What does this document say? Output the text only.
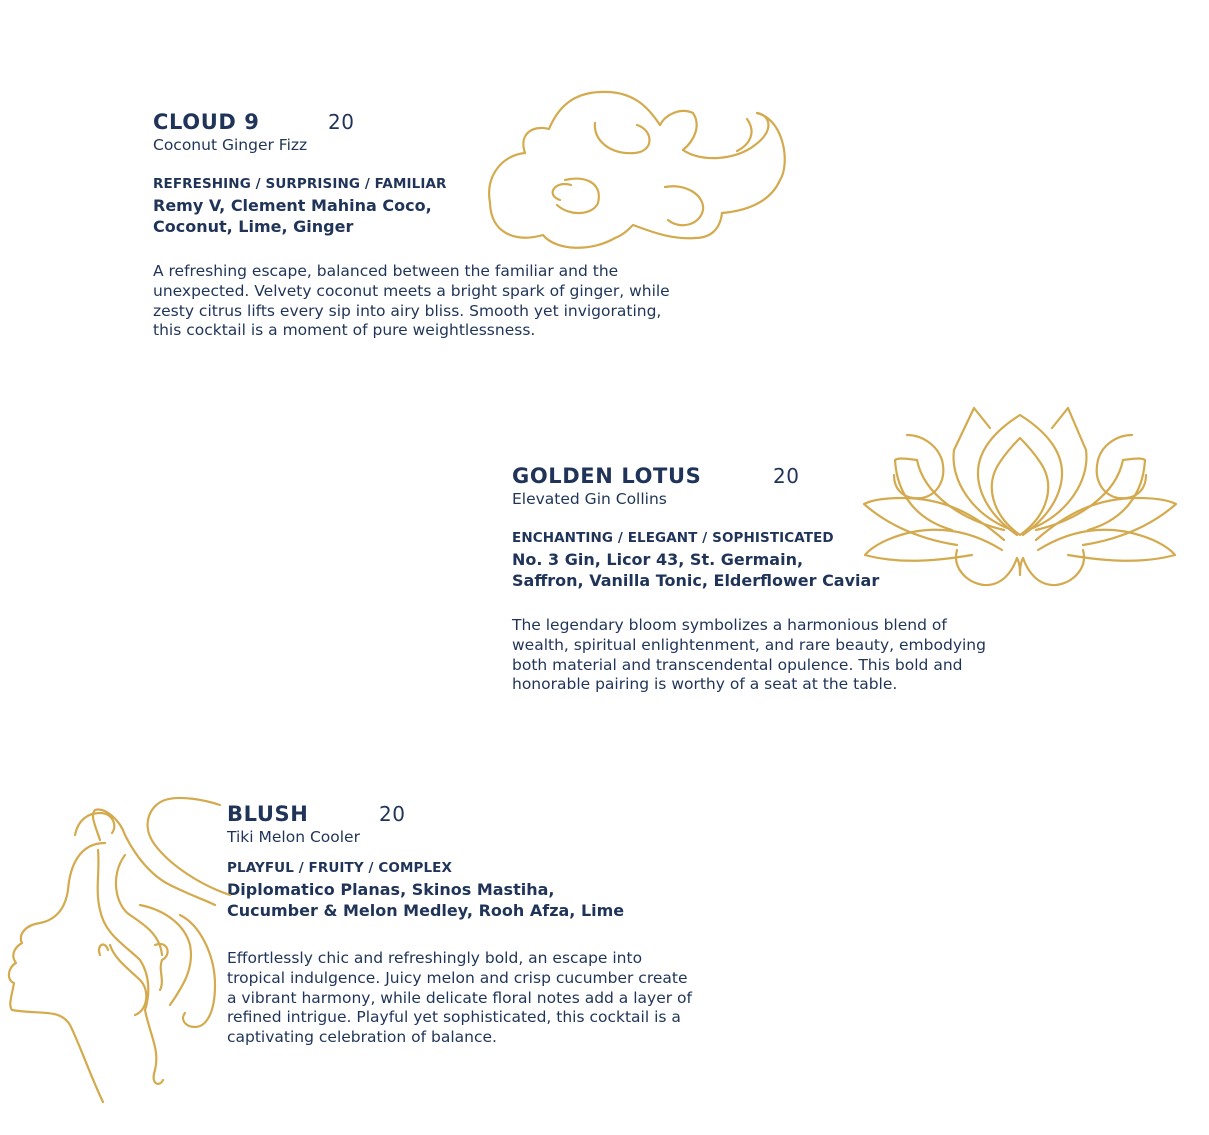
CLOUD 9	20
Coconut Ginger Fizz
REFRESHING / SURPRISING / FAMILIAR
Remy V, Clement Mahina Coco,
Coconut, Lime, Ginger
A refreshing escape, balanced between the familiar and the
unexpected. Velvety coconut meets a bright spark of ginger, while
zesty citrus lifts every sip into airy bliss. Smooth yet invigorating,
this cocktail is a moment of pure weightlessness.
GOLDEN LOTUS	20
Elevated Gin Collins
ENCHANTING / ELEGANT / SOPHISTICATED
No. 3 Gin, Licor 43, St. Germain,
Saffron, Vanilla Tonic, Elderflower Caviar
The legendary bloom symbolizes a harmonious blend of
wealth, spiritual enlightenment, and rare beauty, embodying
both material and transcendental opulence. This bold and
honorable pairing is worthy of a seat at the table.
BLUSH	20
Tiki Melon Cooler
PLAYFUL / FRUITY / COMPLEX
Diplomatico Planas, Skinos Mastiha,
Cucumber & Melon Medley, Rooh Afza, Lime
Effortlessly chic and refreshingly bold, an escape into
tropical indulgence. Juicy melon and crisp cucumber create
a vibrant harmony, while delicate floral notes add a layer of
refined intrigue. Playful yet sophisticated, this cocktail is a
captivating celebration of balance.
